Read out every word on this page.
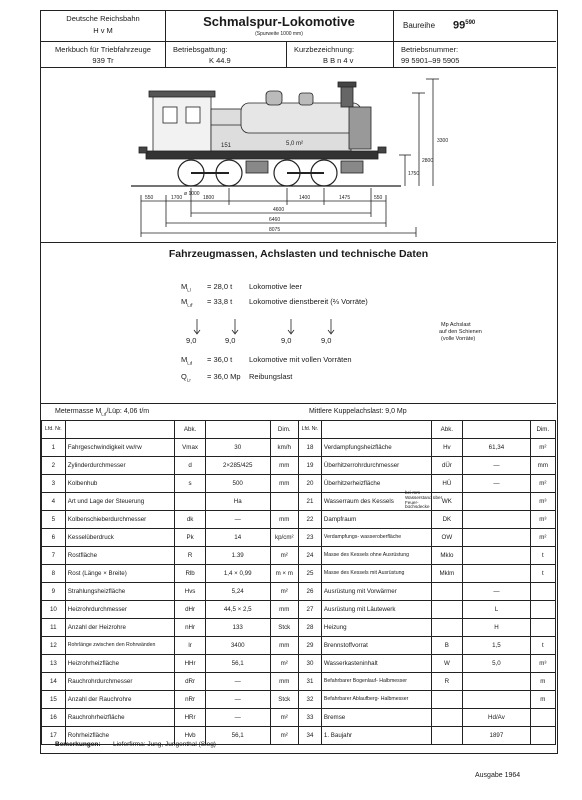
Deutsche Reichsbahn
H v M
Schmalspur-Lokomotive
(Spurweite 1000 mm)
Baureihe $99^{590}$
Merkbuch für Triebfahrzeuge
939 Tr
Betriebsgattung:
K 44.9
Kurzbezeichnung:
B B n 4 v
Betriebsnummer:
99 5901–99 5905
151	5,0 m²
ø 1000
550	1700	1800	1400	1475	550
4600
6460
8075
3300
2800
1750
Fahrzeugmassen, Achslasten und technische Daten
$M_{Ll} = 28,0$ t Lokomotive leer
$M_{Ld'} = 33,8$ t Lokomotive dienstbereit (⅔ Vorräte)
9,0	9,0	9,0	9,0
Mp Achslast
auf den Schienen
(volle Vorräte)
$M_{Ld} = 36,0$ t Lokomotive mit vollen Vorräten
$Q_{Lr} = 36,0$ Mp Reibungslast
Metermasse $M_{Ld}$/Lüp: 4,06 t/m	Mittlere Kuppelachslast: 9,0 Mp
Lfd. Nr.		Abk.		Dim.
1	Fahrgeschwindigkeit vw/rw	Vmax	30	km/h
2	Zylinderdurchmesser	d	2×285/425	mm
3	Kolbenhub	s	500	mm
4	Art und Lage der Steuerung		Ha	
5	Kolbenschieberdurchmesser	dk	—	mm
6	Kesselüberdruck	Pk	14	kp/cm²
7	Rostfläche	R	1.39	m²
8	Rost (Länge × Breite)	Rlb	1,4 × 0,99	m × m
9	Strahlungsheizfläche	Hvs	5,24	m²
10	Heizrohrdurchmesser	dHr	44,5 × 2,5	mm
11	Anzahl der Heizrohre	nHr	133	Stck
12	Rohrlänge zwischen den Rohrwänden	lr	3400	mm
13	Heizrohrheizfläche	HHr	56,1	m²
14	Rauchrohrdurchmesser	dRr	—	mm
15	Anzahl der Rauchrohre	nRr	—	Stck
16	Rauchrohrheizfläche	HRr	—	m²
17	Rohrheizfläche	Hvb	56,1	m²
Lfd. Nr.		Abk.		Dim.
18	Verdampfungsheizfläche	Hv	61,34	m²
19	Überhitzerrohrdurchmesser	dÜr	—	mm
20	Überhitzerheizfläche	HÜ	—	m²
21	Wasserraum des Kessels	WK		m³
22	Dampfraum	DK		m³
23	Verdampfungs- wasseroberfläche	OW		m²
24	Masse des Kessels ohne Ausrüstung	Mklo		t
25	Masse des Kessels mit Ausrüstung	Mklm		t
26	Ausrüstung mit Vorwärmer		—	
27	Ausrüstung mit Läutewerk		L	
28	Heizung		H	
29	Brennstoffvorrat	B	1,5	t
30	Wasserkasteninhalt	W	5,0	m³
31	Befahrbarer Bogenlauf- Halbmesser	R		m
32	Befahrbarer Ablaufberg- Halbmesser			m
33	Bremse		Hd/Av	
34	1. Baujahr		1897	
bei mm Wasserstand über Feuer- büchsdecke
Bemerkungen: Lieferfirma: Jung, Jungenthal (Sieg)
Ausgabe 1964
